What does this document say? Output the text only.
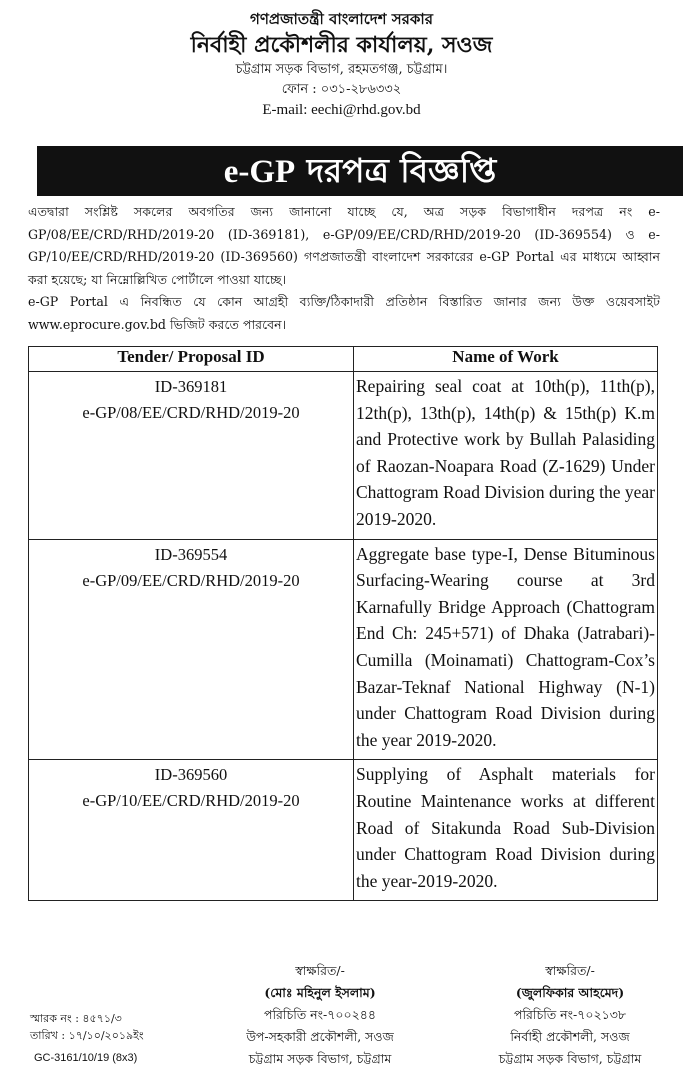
গণপ্রজাতন্ত্রী বাংলাদেশ সরকার
নির্বাহী প্রকৌশলীর কার্যালয়, সওজ
চট্টগ্রাম সড়ক বিভাগ, রহমতগঞ্জ, চট্টগ্রাম।
ফোন : ০৩১-২৮৬৩৩২
E-mail: eechi@rhd.gov.bd
e-GP দরপত্র বিজ্ঞপ্তি

এতদ্বারা সংশ্লিষ্ট সকলের অবগতির জন্য জানানো যাচ্ছে যে, অত্র সড়ক বিভাগাধীন দরপত্র নং e-GP/08/EE/CRD/RHD/2019-20 (ID-369181), e-GP/09/EE/CRD/RHD/2019-20 (ID-369554) ও e-GP/10/EE/CRD/RHD/2019-20 (ID-369560) গণপ্রজাতন্ত্রী বাংলাদেশ সরকারের e-GP Portal এর মাধ্যমে আহ্বান করা হয়েছে; যা নিম্নোল্লিখিত পোর্টালে পাওয়া যাচ্ছে।

e-GP Portal এ নিবন্ধিত যে কোন আগ্রহী ব্যক্তি/ঠিকাদারী প্রতিষ্ঠান বিস্তারিত জানার জন্য উক্ত ওয়েবসাইট www.eprocure.gov.bd ভিজিট করতে পারবেন।

Tender/ Proposal ID	Name of Work

ID-369181
e-GP/08/EE/CRD/RHD/2019-20	Repairing seal coat at 10th(p), 11th(p), 12th(p), 13th(p), 14th(p) & 15th(p) K.m and Protective work by Bullah Palasiding of Raozan-Noapara Road (Z-1629) Under Chattogram Road Division during the year 2019-2020.

ID-369554
e-GP/09/EE/CRD/RHD/2019-20	Aggregate base type-I, Dense Bituminous Surfacing-Wearing course at 3rd Karnafully Bridge Approach (Chattogram End Ch: 245+571) of Dhaka (Jatrabari)-Cumilla (Moinamati) Chattogram-Cox’s Bazar-Teknaf National Highway (N-1) under Chattogram Road Division during the year 2019-2020.

ID-369560
e-GP/10/EE/CRD/RHD/2019-20	Supplying of Asphalt materials for Routine Maintenance works at different Road of Sitakunda Road Sub-Division under Chattogram Road Division during the year-2019-2020.
স্বাক্ষরিত/-
(মোঃ মহিনুল ইসলাম)
পরিচিতি নং-৭০০২৪৪
উপ-সহকারী প্রকৌশলী, সওজ
চট্টগ্রাম সড়ক বিভাগ, চট্টগ্রাম
স্বাক্ষরিত/-
(জুলফিকার আহমেদ)
পরিচিতি নং-৭০২১৩৮
নির্বাহী প্রকৌশলী, সওজ
চট্টগ্রাম সড়ক বিভাগ, চট্টগ্রাম
স্মারক নং : ৪৫৭১/৩
তারিখ : ১৭/১০/২০১৯ইং
GC-3161/10/19 (8x3)
